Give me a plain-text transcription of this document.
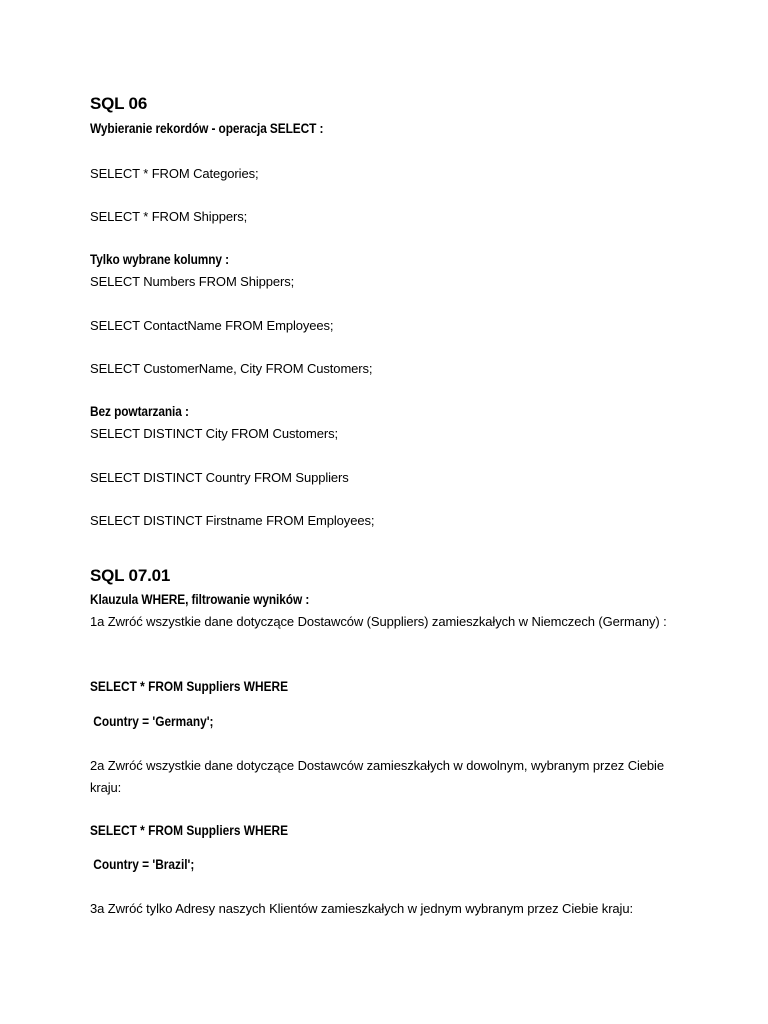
SQL 06
Wybieranie rekordów - operacja SELECT :
SELECT * FROM Categories;
SELECT * FROM Shippers;
Tylko wybrane kolumny :
SELECT Numbers FROM Shippers;
SELECT ContactName FROM Employees;
SELECT CustomerName, City FROM Customers;
Bez powtarzania :
SELECT DISTINCT City FROM Customers;
SELECT DISTINCT Country FROM Suppliers
SELECT DISTINCT Firstname FROM Employees;
SQL 07.01
Klauzula WHERE, filtrowanie wyników :
1a Zwróć wszystkie dane dotyczące Dostawców (Suppliers) zamieszkałych w Niemczech (Germany) :
SELECT * FROM Suppliers WHERE
Country = 'Germany';
2a Zwróć wszystkie dane dotyczące Dostawców zamieszkałych w dowolnym, wybranym przez Ciebie kraju:
SELECT * FROM Suppliers WHERE
Country = 'Brazil';
3a Zwróć tylko Adresy naszych Klientów zamieszkałych w jednym wybranym przez Ciebie kraju:
